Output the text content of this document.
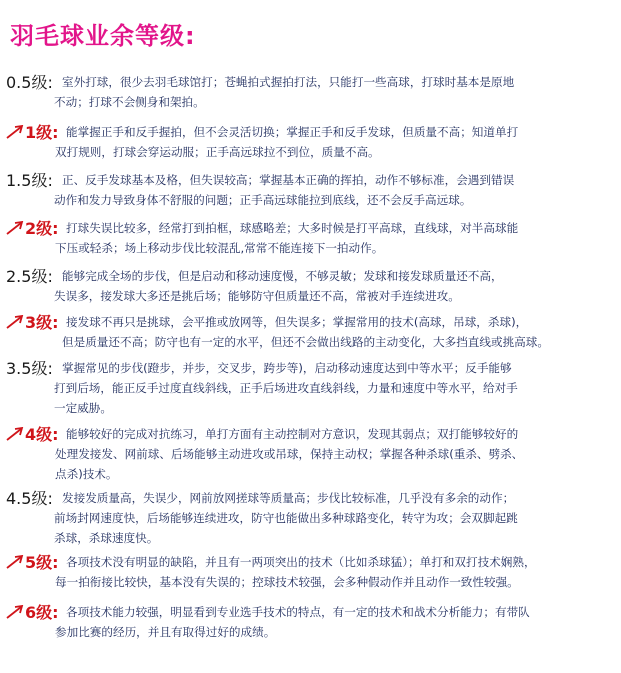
羽毛球业余等级:
0.5级: 室外打球，很少去羽毛球馆打；苍蝇拍式握拍打法，只能打一些高球，打球时基本是原地
不动；打球不会侧身和架拍。
1级: 能掌握正手和反手握拍，但不会灵活切换；掌握正手和反手发球，但质量不高；知道单打
双打规则，打球会穿运动服；正手高远球拉不到位，质量不高。
1.5级: 正、反手发球基本及格，但失误较高；掌握基本正确的挥拍，动作不够标准，会遇到错误
动作和发力导致身体不舒服的问题；正手高远球能拉到底线，还不会反手高远球。
2级: 打球失误比较多，经常打到拍框，球感略差；大多时候是打平高球，直线球，对半高球能
下压或轻杀；场上移动步伐比较混乱,常常不能连接下一拍动作。
2.5级: 能够完成全场的步伐，但是启动和移动速度慢，不够灵敏；发球和接发球质量还不高，
失误多，接发球大多还是挑后场；能够防守但质量还不高，常被对手连续进攻。
3级: 接发球不再只是挑球，会平推或放网等，但失误多；掌握常用的技术(高球，吊球，杀球)，
但是质量还不高；防守也有一定的水平，但还不会做出线路的主动变化，大多挡直线或挑高球。
3.5级: 掌握常见的步伐(蹬步，并步，交叉步，跨步等)，启动移动速度达到中等水平；反手能够
打到后场，能正反手过度直线斜线，正手后场进攻直线斜线，力量和速度中等水平，给对手
一定威胁。
4级: 能够较好的完成对抗练习，单打方面有主动控制对方意识，发现其弱点；双打能够较好的
处理发接发、网前球、后场能够主动进攻或吊球，保持主动权；掌握各种杀球(重杀、劈杀、
点杀)技术。
4.5级: 发接发质量高，失误少，网前放网搓球等质量高；步伐比较标准，几乎没有多余的动作；
前场封网速度快，后场能够连续进攻，防守也能做出多种球路变化，转守为攻；会双脚起跳
杀球，杀球速度快。
5级: 各项技术没有明显的缺陷，并且有一两项突出的技术（比如杀球猛）；单打和双打技术娴熟，
每一拍衔接比较快，基本没有失误的；控球技术较强，会多种假动作并且动作一致性较强。
6级: 各项技术能力较强，明显看到专业选手技术的特点，有一定的技术和战术分析能力；有带队
参加比赛的经历，并且有取得过好的成绩。
